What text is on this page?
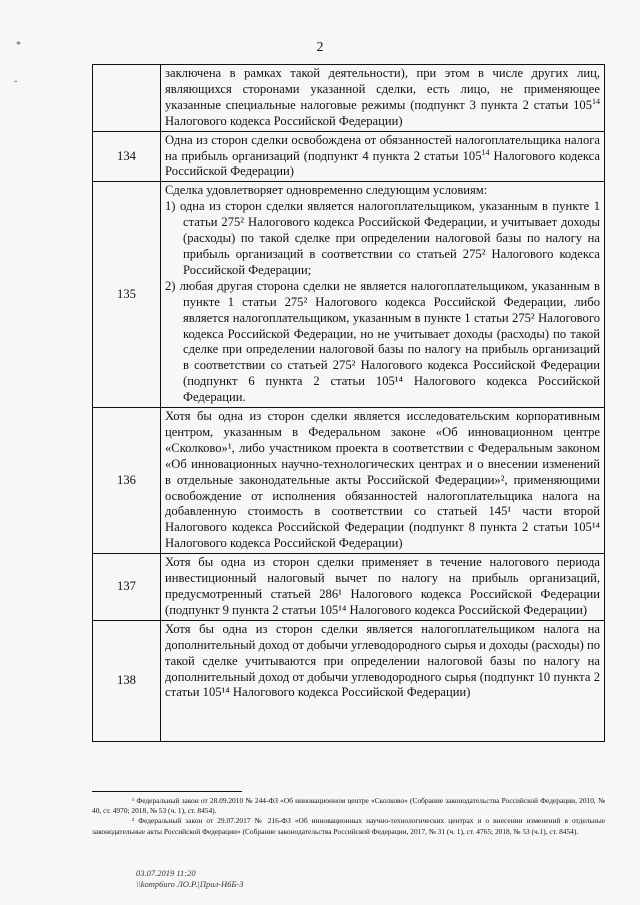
2
*
˘
	заключена в рамках такой деятельности), при этом в числе других лиц, являющихся сторонами указанной сделки, есть лицо, не применяющее указанные специальные налоговые режимы (подпункт 3 пункта 2 статьи $105^{14}$ Налогового кодекса Российской Федерации)
134	Одна из сторон сделки освобождена от обязанностей налогоплательщика налога на прибыль организаций (подпункт 4 пункта 2 статьи $105^{14}$ Налогового кодекса Российской Федерации)
135	Сделка удовлетворяет одновременно следующим условиям:
1) одна из сторон сделки является налогоплательщиком, указанным в пункте 1 статьи 275² Налогового кодекса Российской Федерации, и учитывает доходы (расходы) по такой сделке при определении налоговой базы по налогу на прибыль организаций в соответствии со статьей 275² Налогового кодекса Российской Федерации;
2) любая другая сторона сделки не является налогоплательщиком, указанным в пункте 1 статьи 275² Налогового кодекса Российской Федерации, либо является налогоплательщиком, указанным в пункте 1 статьи 275² Налогового кодекса Российской Федерации, но не учитывает доходы (расходы) по такой сделке при определении налоговой базы по налогу на прибыль организаций в соответствии со статьей 275² Налогового кодекса Российской Федерации (подпункт 6 пункта 2 статьи 105¹⁴ Налогового кодекса Российской Федерации.

136	Хотя бы одна из сторон сделки является исследовательским корпоративным центром, указанным в Федеральном законе «Об инновационном центре «Сколково»¹, либо участником проекта в соответствии с Федеральным законом «Об инновационных научно-технологических центрах и о внесении изменений в отдельные законодательные акты Российской Федерации»², применяющими освобождение от исполнения обязанностей налогоплательщика налога на добавленную стоимость в соответствии со статьей 145¹ части второй Налогового кодекса Российской Федерации (подпункт 8 пункта 2 статьи 105¹⁴ Налогового кодекса Российской Федерации)
137	Хотя бы одна из сторон сделки применяет в течение налогового периода инвестиционный налоговый вычет по налогу на прибыль организаций, предусмотренный статьей 286¹ Налогового кодекса Российской Федерации (подпункт 9 пункта 2 статьи 105¹⁴ Налогового кодекса Российской Федерации)
138	Хотя бы одна из сторон сделки является налогоплательщиком налога на дополнительный доход от добычи углеводородного сырья и доходы (расходы) по такой сделке учитываются при определении налоговой базы по налогу на дополнительный доход от добычи углеводородного сырья (подпункт 10 пункта 2 статьи 105¹⁴ Налогового кодекса Российской Федерации)

¹ Федеральный закон от 28.09.2010 № 244-ФЗ «Об инновационном центре «Сколково» (Собрание законодательства Российской Федерации, 2010, № 40, ст. 4970; 2018, № 53 (ч. 1), ст. 8454).

² Федеральный закон от 29.07.2017 № 216-ФЗ «Об инновационных научно-технологических центрах и о внесении изменений в отдельные законодательные акты Российской Федерации» (Собрание законодательства Российской Федерации, 2017, № 31 (ч. 1), ст. 4765; 2018, № 53 (ч.1), ст. 8454).

03.07.2019 11:20
\\komp6uro ЛО.Р.|Прил-Н6Б-3
